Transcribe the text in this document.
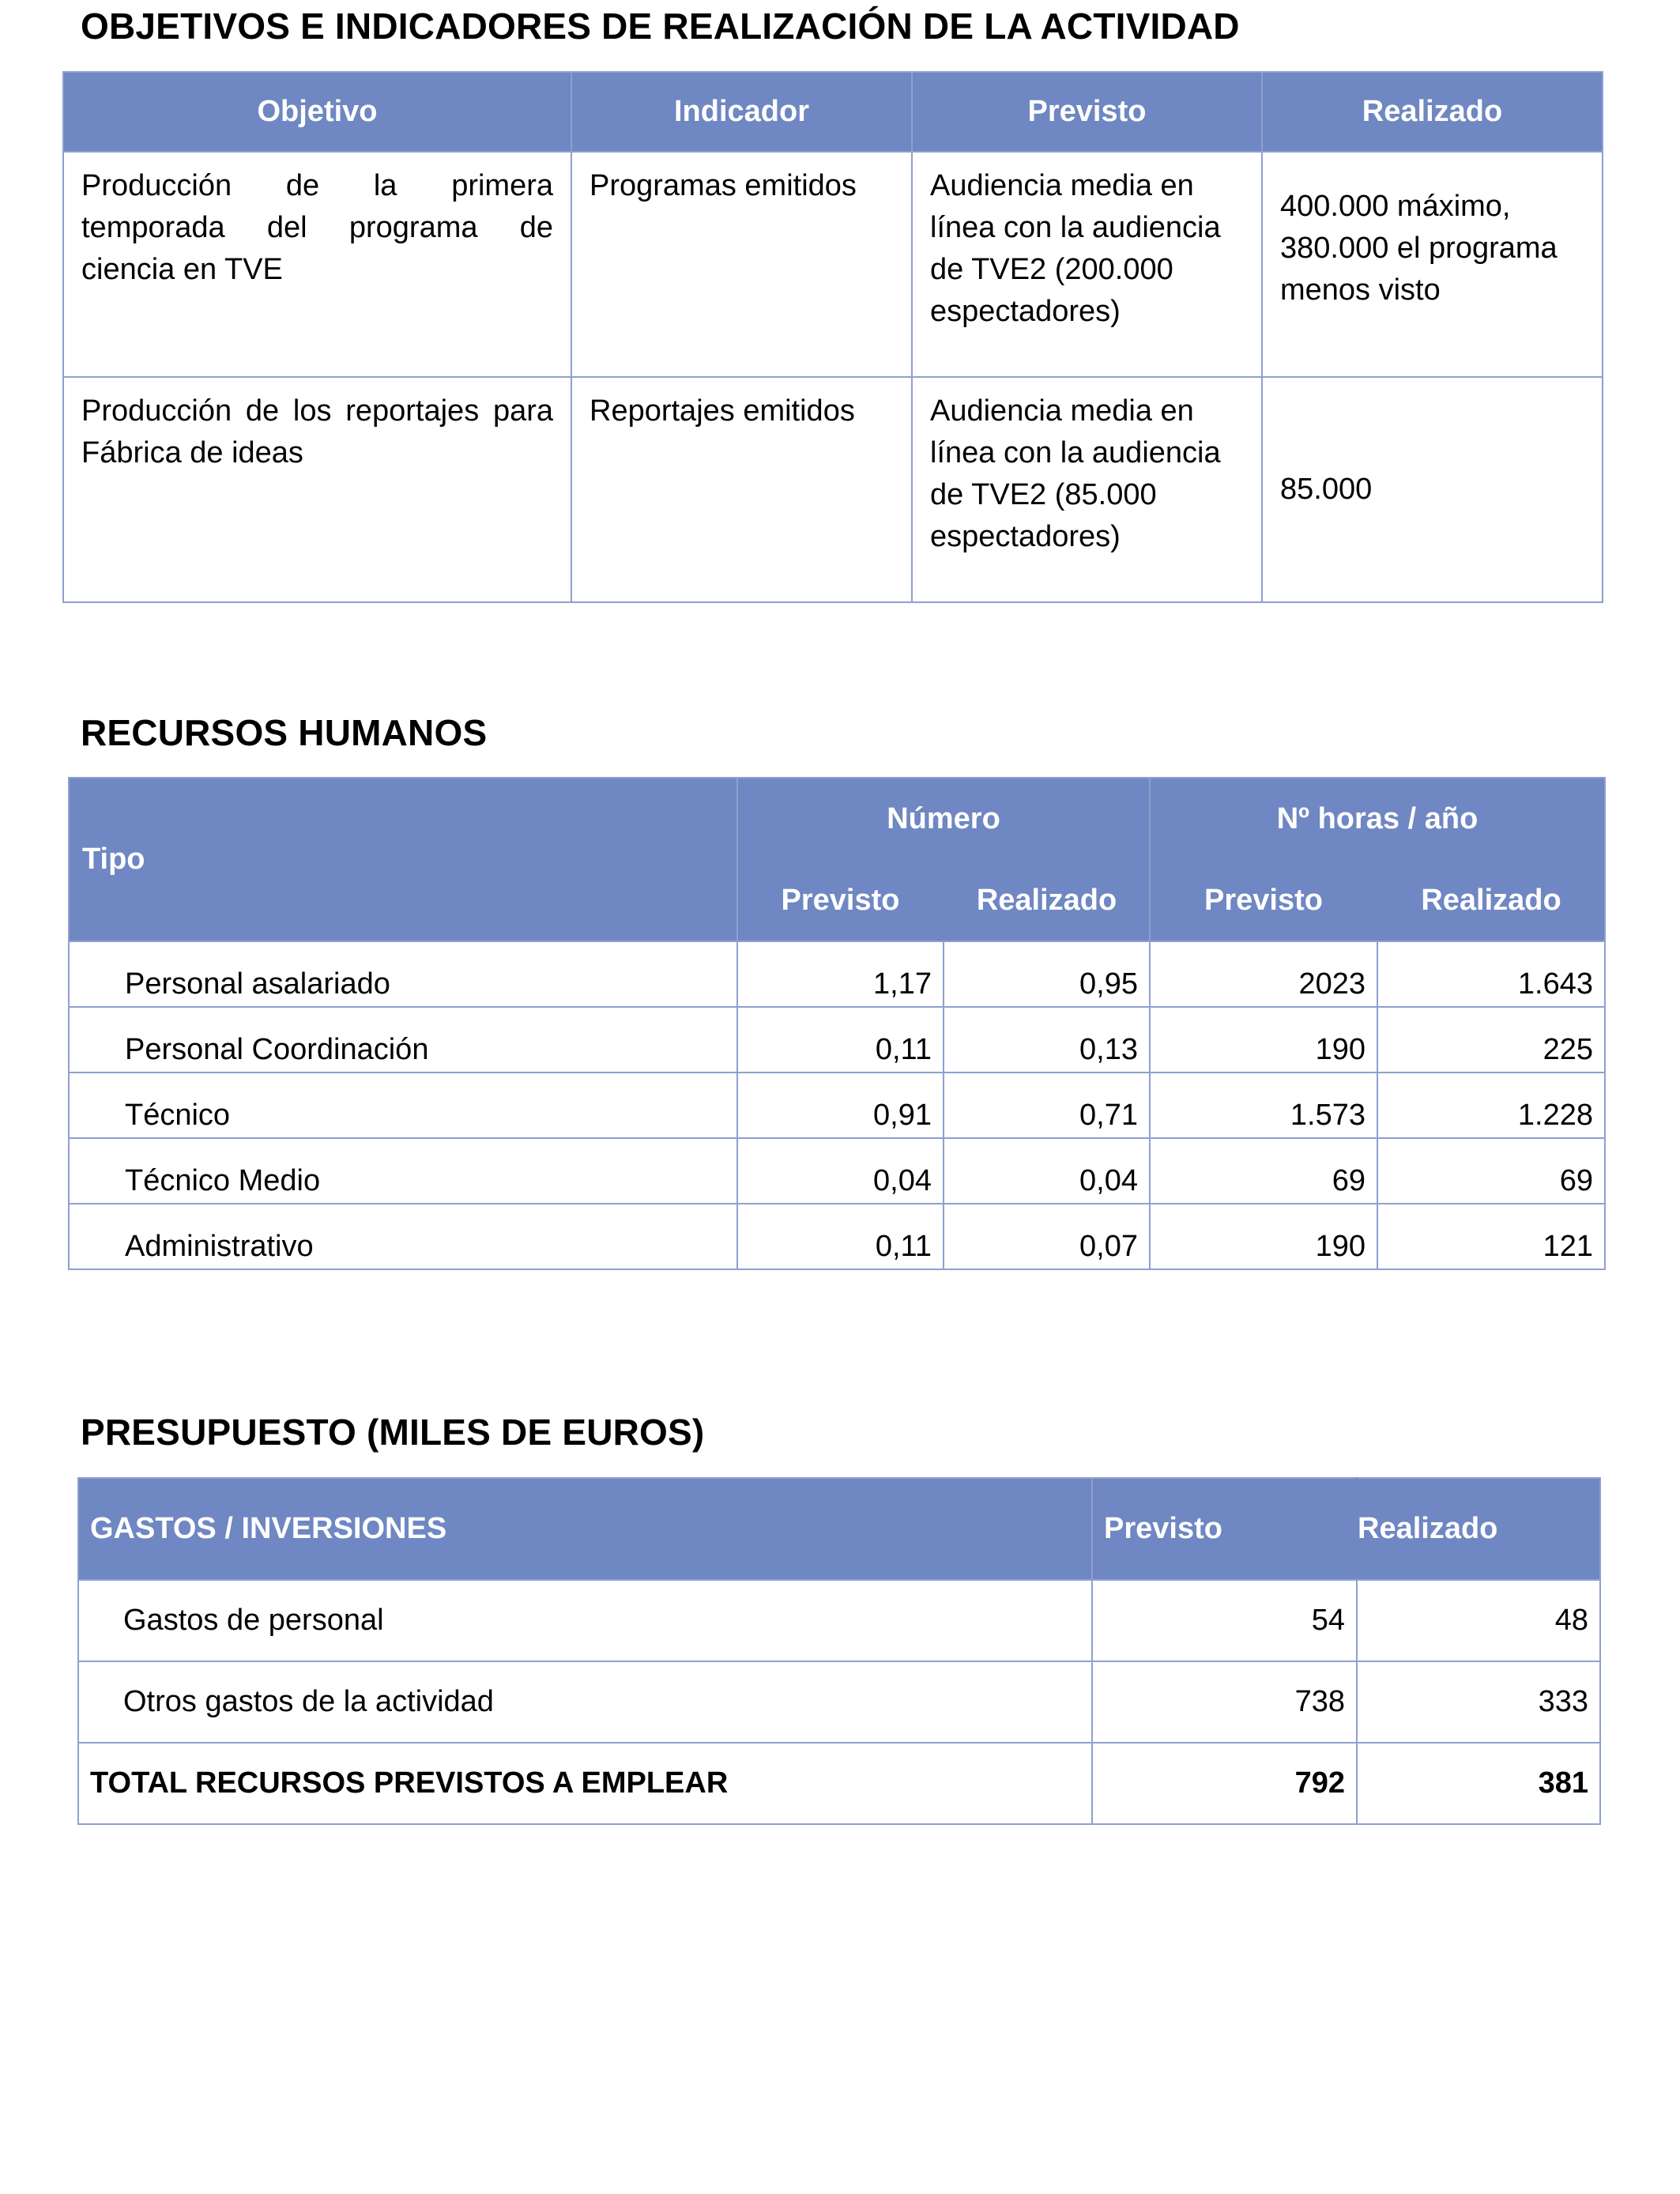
OBJETIVOS E INDICADORES DE REALIZACIÓN DE LA ACTIVIDAD
Objetivo	Indicador	Previsto	Realizado
Producción de la primera temporada del programa de ciencia en TVE	Programas emitidos	Audiencia media en línea con la audiencia de TVE2 (200.000 espectadores)	400.000 máximo, 380.000 el programa menos visto
Producción de los reportajes para Fábrica de ideas	Reportajes emitidos	Audiencia media en línea con la audiencia de TVE2 (85.000 espectadores)	85.000
RECURSOS HUMANOS
Tipo	Número		Nº horas / año	
	Previsto	Realizado	Previsto	Realizado
Personal asalariado	1,17	0,95	2023	1.643
Personal Coordinación	0,11	0,13	190	225
Técnico	0,91	0,71	1.573	1.228
Técnico Medio	0,04	0,04	69	69
Administrativo	0,11	0,07	190	121
PRESUPUESTO (MILES DE EUROS)
GASTOS / INVERSIONES	Previsto	Realizado
Gastos de personal	54	48
Otros gastos de la actividad	738	333
TOTAL RECURSOS PREVISTOS A EMPLEAR	792	381
